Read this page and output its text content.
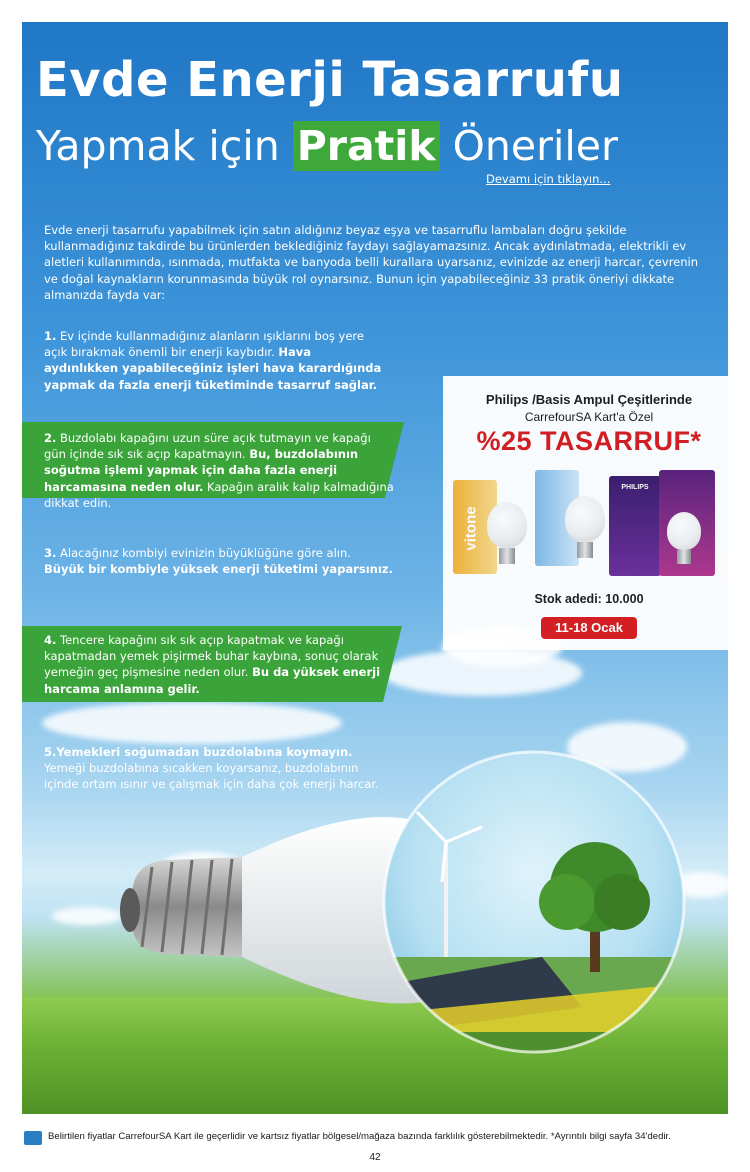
Evde Enerji Tasarrufu
Yapmak için Pratik Öneriler
Devamı için tıklayın...

Evde enerji tasarrufu yapabilmek için satın aldığınız beyaz eşya ve tasarruflu lambaları doğru şekilde kullanmadığınız takdirde bu ürünlerden beklediğiniz faydayı sağlayamazsınız. Ancak aydınlatmada, elektrikli ev aletleri kullanımında, ısınmada, mutfakta ve banyoda belli kurallara uyarsanız, evinizde az enerji harcar, çevrenin ve doğal kaynakların korunmasında büyük rol oynarsınız. Bunun için yapabileceğiniz 33 pratik öneriyi dikkate almanızda fayda var:

1. Ev içinde kullanmadığınız alanların ışıklarını boş yere açık bırakmak önemli bir enerji kaybıdır. Hava aydınlıkken yapabileceğiniz işleri hava karardığında yapmak da fazla enerji tüketiminde tasarruf sağlar.

2. Buzdolabı kapağını uzun süre açık tutmayın ve kapağı gün içinde sık sık açıp kapatmayın. Bu, buzdolabının soğutma işlemi yapmak için daha fazla enerji harcamasına neden olur. Kapağın aralık kalıp kalmadığına dikkat edin.

3. Alacağınız kombiyi evinizin büyüklüğüne göre alın. Büyük bir kombiyle yüksek enerji tüketimi yaparsınız.

4. Tencere kapağını sık sık açıp kapatmak ve kapağı kapatmadan yemek pişirmek buhar kaybına, sonuç olarak yemeğin geç pişmesine neden olur. Bu da yüksek enerji harcama anlamına gelir.

5.Yemekleri soğumadan buzdolabına koymayın. Yemeği buzdolabına sıcakken koyarsanız, buzdolabının içinde ortam ısınır ve çalışmak için daha çok enerji harcar.

Philips /Basis Ampul Çeşitlerinde
CarrefourSA Kart'a Özel
%25 TASARRUF*
vitone
PHILIPS
Stok adedi: 10.000
11-18 Ocak
Belirtilen fiyatlar CarrefourSA Kart ile geçerlidir ve kartsız fiyatlar bölgesel/mağaza bazında farklılık gösterebilmektedir. *Ayrıntılı bilgi sayfa 34'dedir.
42
